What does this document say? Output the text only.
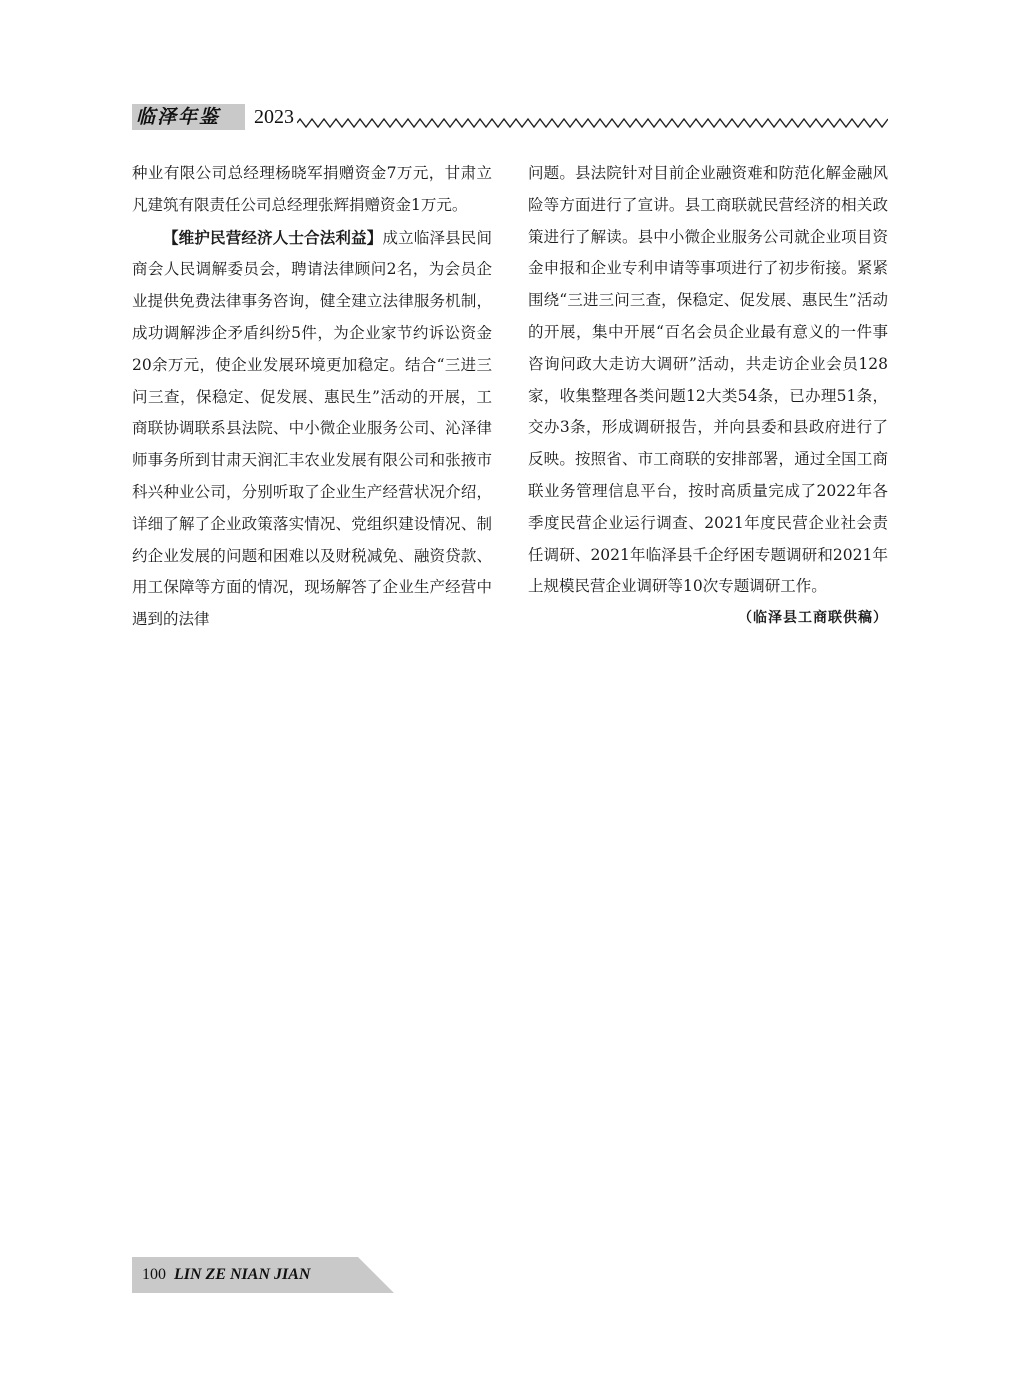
临泽年鉴 2023

种业有限公司总经理杨晓军捐赠资金7万元，甘肃立凡建筑有限责任公司总经理张辉捐赠资金1万元。

【维护民营经济人士合法利益】成立临泽县民间商会人民调解委员会，聘请法律顾问2名，为会员企业提供免费法律事务咨询，健全建立法律服务机制，成功调解涉企矛盾纠纷5件，为企业家节约诉讼资金20余万元，使企业发展环境更加稳定。结合“三进三问三查，保稳定、促发展、惠民生”活动的开展，工商联协调联系县法院、中小微企业服务公司、沁泽律师事务所到甘肃天润汇丰农业发展有限公司和张掖市科兴种业公司，分别听取了企业生产经营状况介绍，详细了解了企业政策落实情况、党组织建设情况、制约企业发展的问题和困难以及财税减免、融资贷款、用工保障等方面的情况，现场解答了企业生产经营中遇到的法律

问题。县法院针对目前企业融资难和防范化解金融风险等方面进行了宣讲。县工商联就民营经济的相关政策进行了解读。县中小微企业服务公司就企业项目资金申报和企业专利申请等事项进行了初步衔接。紧紧围绕“三进三问三查，保稳定、促发展、惠民生”活动的开展，集中开展“百名会员企业最有意义的一件事咨询问政大走访大调研”活动，共走访企业会员128家，收集整理各类问题12大类54条，已办理51条，交办3条，形成调研报告，并向县委和县政府进行了反映。按照省、市工商联的安排部署，通过全国工商联业务管理信息平台，按时高质量完成了2022年各季度民营企业运行调查、2021年度民营企业社会责任调研、2021年临泽县千企纾困专题调研和2021年上规模民营企业调研等10次专题调研工作。

（临泽县工商联供稿）

100 LIN ZE NIAN JIAN
